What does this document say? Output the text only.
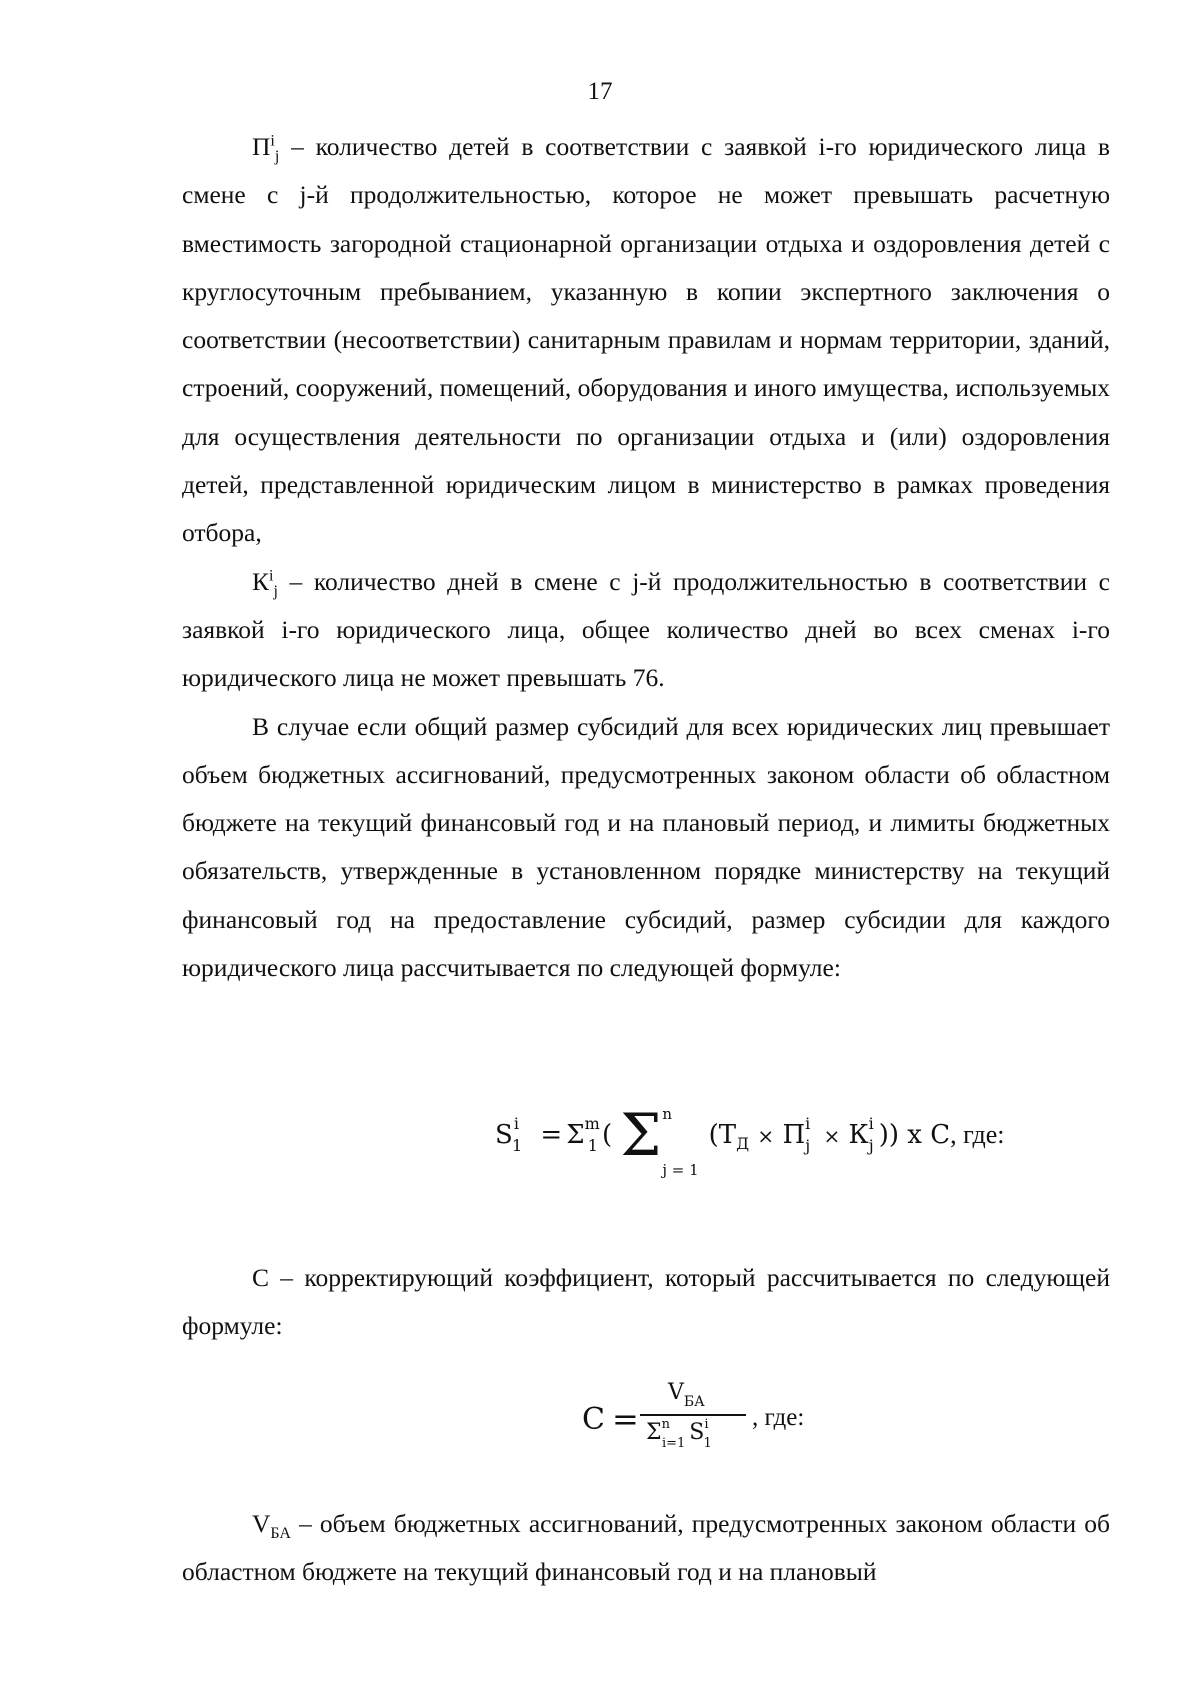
17

$П^i_j$ – количество детей в соответствии с заявкой i-го юридического лица в смене с j-й продолжительностью, которое не может превышать расчетную вместимость загородной стационарной организации отдыха и оздоровления детей с круглосуточным пребыванием, указанную в копии экспертного заключения о соответствии (несоответствии) санитарным правилам и нормам территории, зданий, строений, сооружений, помещений, оборудования и иного имущества, используемых для осуществления деятельности по организации отдыха и (или) оздоровления детей, представленной юридическим лицом в министерство в рамках проведения отбора,

$К^i_j$ – количество дней в смене с j-й продолжительностью в соответствии с заявкой i-го юридического лица, общее количество дней во всех сменах i-го юридического лица не может превышать 76.

В случае если общий размер субсидий для всех юридических лиц превышает объем бюджетных ассигнований, предусмотренных законом области об областном бюджете на текущий финансовый год и на плановый период, и лимиты бюджетных обязательств, утвержденные в установленном порядке министерству на текущий финансовый год на предоставление субсидий, размер субсидии для каждого юридического лица рассчитывается по следующей формуле:

$S^i_1 = \Sigma^m_1$ ( Σ n
j = 1
($Т_Д \times П^i_j \times К^i_j$ )) х С, где:

С – корректирующий коэффициент, который рассчитывается по следующей формуле:

C =
$V_{БА}$
$\Sigma^n_{i=1}$ $S^i_1$
, где:

$V_{БА}$ – объем бюджетных ассигнований, предусмотренных законом области об областном бюджете на текущий финансовый год и на плановый
